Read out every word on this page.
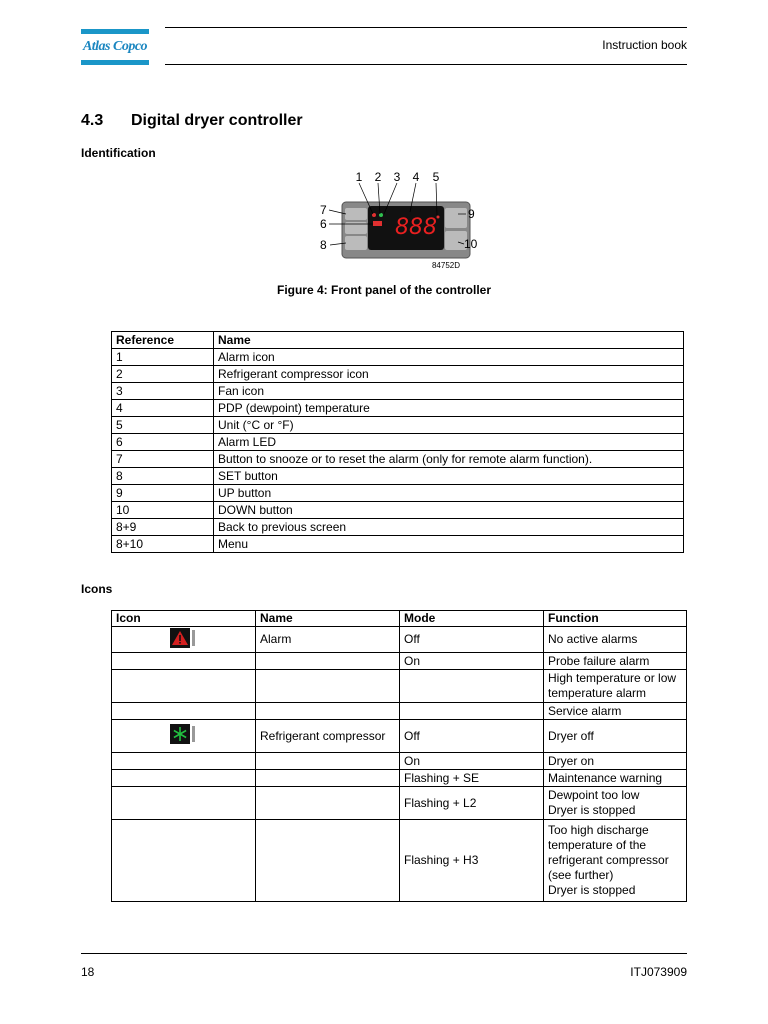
Atlas Copco	Instruction book
4.3 Digital dryer controller
Identification
888
1 2 3 4 5
7
6
8
9
10
84752D
Figure 4: Front panel of the controller
Reference	Name
1	Alarm icon
2	Refrigerant compressor icon
3	Fan icon
4	PDP (dewpoint) temperature
5	Unit (°C or °F)
6	Alarm LED
7	Button to snooze or to reset the alarm (only for remote alarm function).
8	SET button
9	UP button
10	DOWN button
8+9	Back to previous screen
8+10	Menu
Icons
Icon	Name	Mode	Function
	Alarm	Off	No active alarms
		On	Probe failure alarm
			High temperature or low temperature alarm
			Service alarm
	Refrigerant compressor	Off	Dryer off
		On	Dryer on
		Flashing + SE	Maintenance warning
		Flashing + L2	Dewpoint too low
Dryer is stopped
		Flashing + H3	Too high discharge temperature of the refrigerant compressor (see further)
Dryer is stopped
18	ITJ073909
